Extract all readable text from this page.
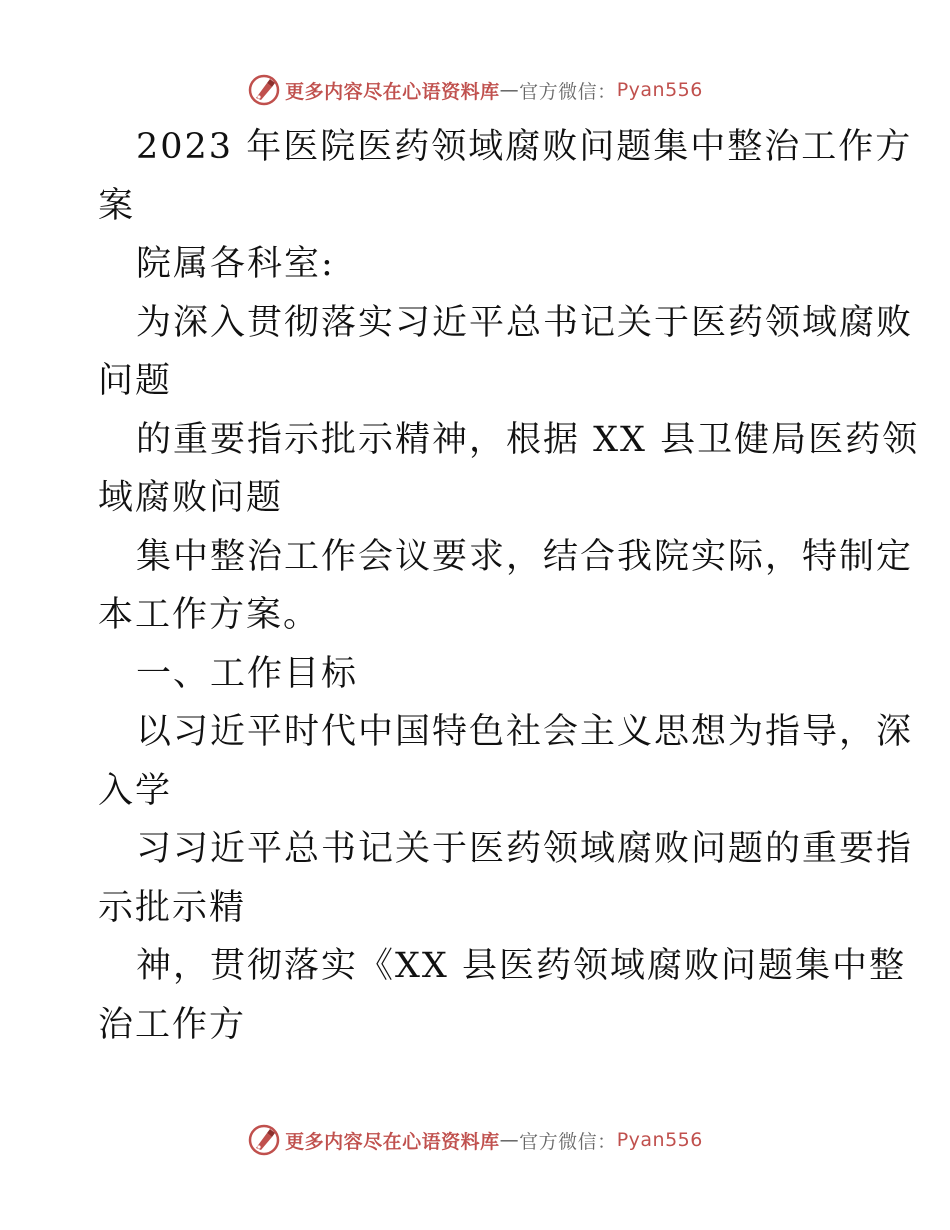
更多内容尽在心语资料库 — 官方微信： Pyan556
2023 年医院医药领域腐败问题集中整治工作方
案
院属各科室:
为深入贯彻落实习近平总书记关于医药领域腐败
问题
的重要指示批示精神，根据 XX 县卫健局医药领
域腐败问题
集中整治工作会议要求，结合我院实际，特制定
本工作方案。
一、工作目标
以习近平时代中国特色社会主义思想为指导，深
入学
习习近平总书记关于医药领域腐败问题的重要指
示批示精
神，贯彻落实《XX 县医药领域腐败问题集中整
治工作方
更多内容尽在心语资料库 — 官方微信： Pyan556
